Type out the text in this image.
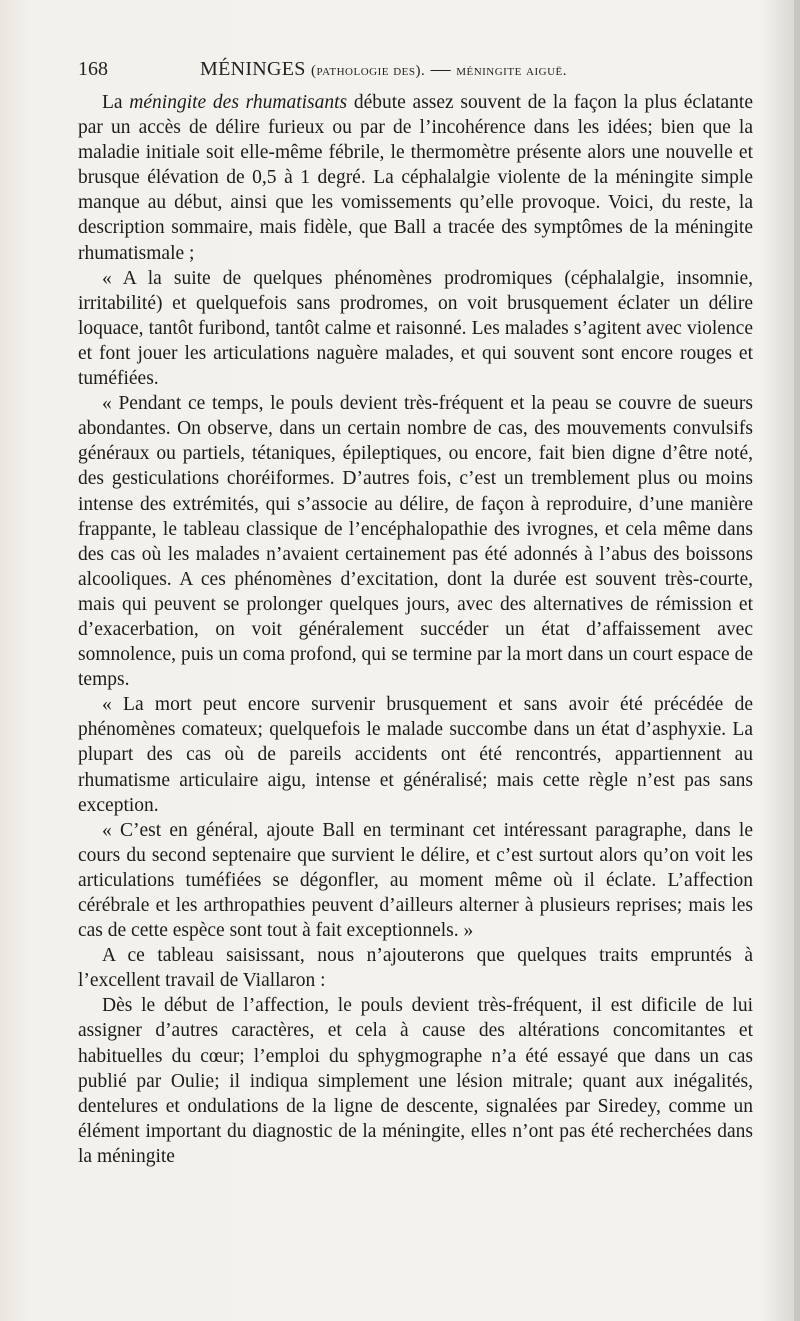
168	MÉNINGES (pathologie des). — méningite aiguë.

La méningite des rhumatisants débute assez souvent de la façon la plus éclatante par un accès de délire furieux ou par de l’incohérence dans les idées; bien que la maladie initiale soit elle-même fébrile, le thermomètre présente alors une nouvelle et brusque élévation de 0,5 à 1 degré. La céphalalgie violente de la méningite simple manque au début, ainsi que les vomissements qu’elle provoque. Voici, du reste, la description sommaire, mais fidèle, que Ball a tracée des symptômes de la méningite rhumatismale ;

« A la suite de quelques phénomènes prodromiques (céphalalgie, insomnie, irritabilité) et quelquefois sans prodromes, on voit brusquement éclater un délire loquace, tantôt furibond, tantôt calme et raisonné. Les malades s’agitent avec violence et font jouer les articulations naguère malades, et qui souvent sont encore rouges et tuméfiées.

« Pendant ce temps, le pouls devient très-fréquent et la peau se couvre de sueurs abondantes. On observe, dans un certain nombre de cas, des mouvements convulsifs généraux ou partiels, tétaniques, épileptiques, ou encore, fait bien digne d’être noté, des gesticulations choréiformes. D’autres fois, c’est un tremblement plus ou moins intense des extrémités, qui s’associe au délire, de façon à reproduire, d’une manière frappante, le tableau classique de l’encéphalopathie des ivrognes, et cela même dans des cas où les malades n’avaient certainement pas été adonnés à l’abus des boissons alcooliques. A ces phénomènes d’excitation, dont la durée est souvent très-courte, mais qui peuvent se prolonger quelques jours, avec des alternatives de rémission et d’exacerbation, on voit généralement succéder un état d’affaissement avec somnolence, puis un coma profond, qui se termine par la mort dans un court espace de temps.

« La mort peut encore survenir brusquement et sans avoir été précédée de phénomènes comateux; quelquefois le malade succombe dans un état d’asphyxie. La plupart des cas où de pareils accidents ont été rencontrés, appartiennent au rhumatisme articulaire aigu, intense et généralisé; mais cette règle n’est pas sans exception.

« C’est en général, ajoute Ball en terminant cet intéressant paragraphe, dans le cours du second septenaire que survient le délire, et c’est surtout alors qu’on voit les articulations tuméfiées se dégonfler, au moment même où il éclate. L’affection cérébrale et les arthropathies peuvent d’ailleurs alterner à plusieurs reprises; mais les cas de cette espèce sont tout à fait exceptionnels. »

A ce tableau saisissant, nous n’ajouterons que quelques traits empruntés à l’excellent travail de Viallaron :

Dès le début de l’affection, le pouls devient très-fréquent, il est dificile de lui assigner d’autres caractères, et cela à cause des altérations concomitantes et habituelles du cœur; l’emploi du sphygmographe n’a été essayé que dans un cas publié par Oulie; il indiqua simplement une lésion mitrale; quant aux inégalités, dentelures et ondulations de la ligne de descente, signalées par Siredey, comme un élément important du diagnostic de la méningite, elles n’ont pas été recherchées dans la méningite
